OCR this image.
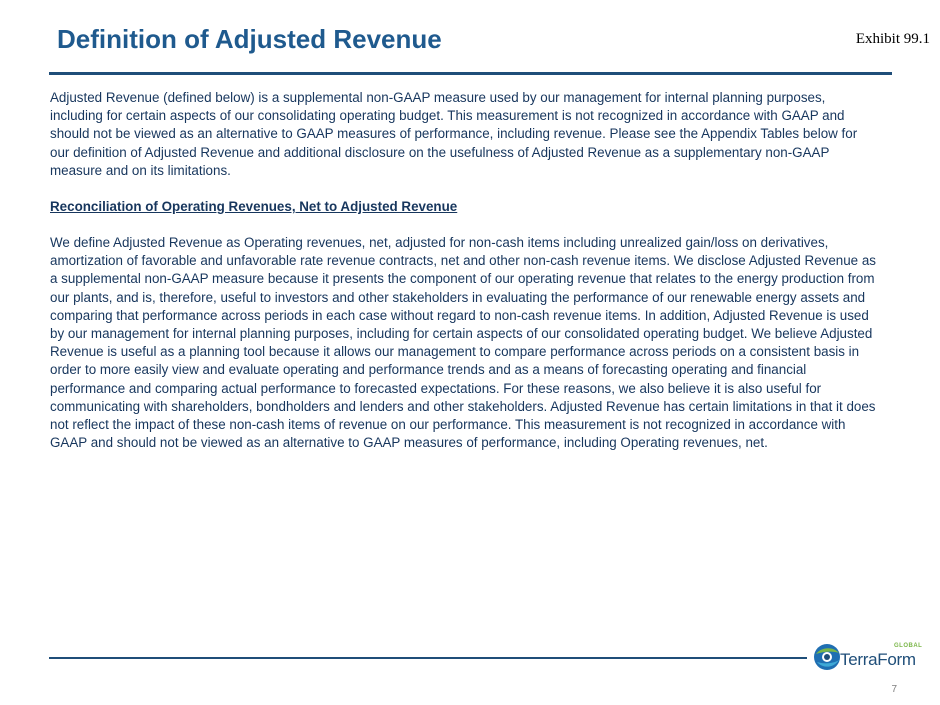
Definition of Adjusted Revenue	Exhibit 99.1

Adjusted Revenue (defined below) is a supplemental non-GAAP measure used by our management for internal planning purposes, including for certain aspects of our consolidating operating budget. This measurement is not recognized in accordance with GAAP and should not be viewed as an alternative to GAAP measures of performance, including revenue. Please see the Appendix Tables below for our definition of Adjusted Revenue and additional disclosure on the usefulness of Adjusted Revenue as a supplementary non-GAAP measure and on its limitations.

Reconciliation of Operating Revenues, Net to Adjusted Revenue

We define Adjusted Revenue as Operating revenues, net, adjusted for non-cash items including unrealized gain/loss on derivatives, amortization of favorable and unfavorable rate revenue contracts, net and other non-cash revenue items. We disclose Adjusted Revenue as a supplemental non-GAAP measure because it presents the component of our operating revenue that relates to the energy production from our plants, and is, therefore, useful to investors and other stakeholders in evaluating the performance of our renewable energy assets and comparing that performance across periods in each case without regard to non-cash revenue items. In addition, Adjusted Revenue is used by our management for internal planning purposes, including for certain aspects of our consolidated operating budget. We believe Adjusted Revenue is useful as a planning tool because it allows our management to compare performance across periods on a consistent basis in order to more easily view and evaluate operating and performance trends and as a means of forecasting operating and financial performance and comparing actual performance to forecasted expectations. For these reasons, we also believe it is also useful for communicating with shareholders, bondholders and lenders and other stakeholders. Adjusted Revenue has certain limitations in that it does not reflect the impact of these non-cash items of revenue on our performance. This measurement is not recognized in accordance with GAAP and should not be viewed as an alternative to GAAP measures of performance, including Operating revenues, net.

GLOBAL
TerraForm
7
